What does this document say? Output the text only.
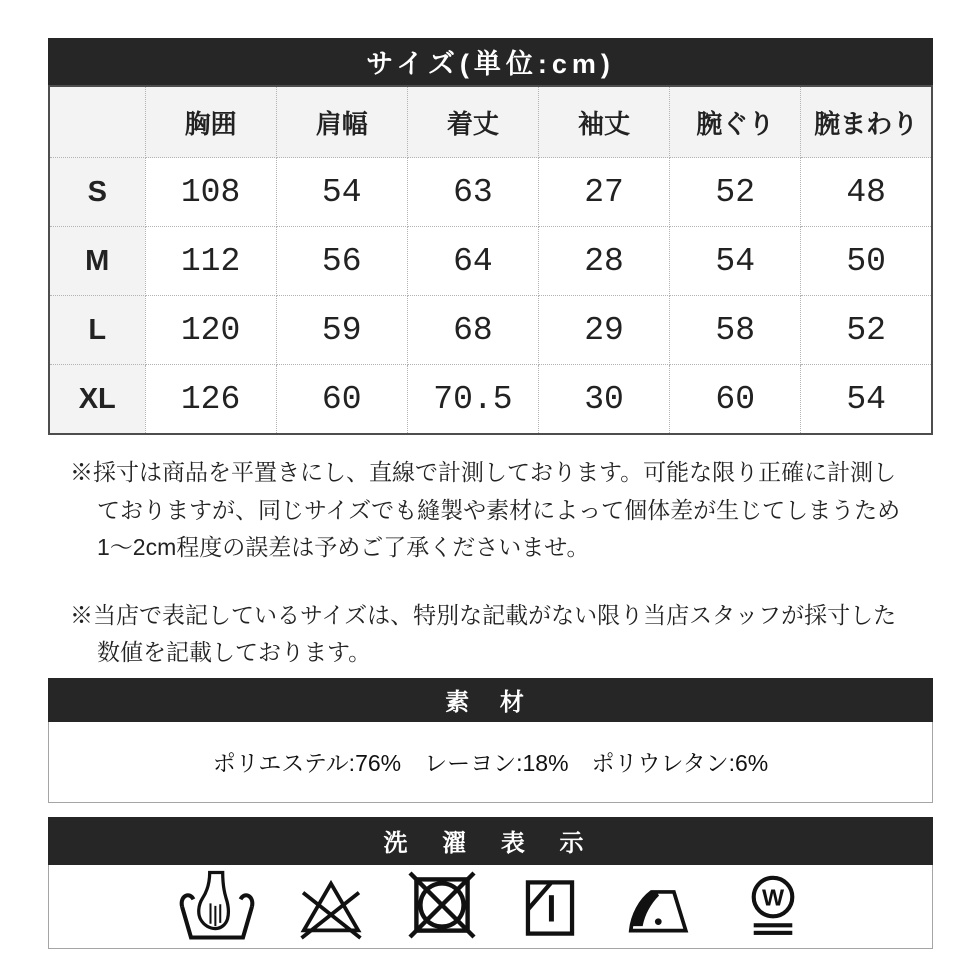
サイズ(単位:cm)
	胸囲	肩幅	着丈	袖丈	腕ぐり	腕まわり
S	108	54	63	27	52	48
M	112	56	64	28	54	50
L	120	59	68	29	58	52
XL	126	60	70.5	30	60	54
※採寸は商品を平置きにし、直線で計測しております。可能な限り正確に計測し
ておりますが、同じサイズでも縫製や素材によって個体差が生じてしまうため
1〜2cm程度の誤差は予めご了承くださいませ。
※当店で表記しているサイズは、特別な記載がない限り当店スタッフが採寸した
数値を記載しております。
素 材
ポリエステル:76%　レーヨン:18%　ポリウレタン:6%
洗 濯 表 示
W
